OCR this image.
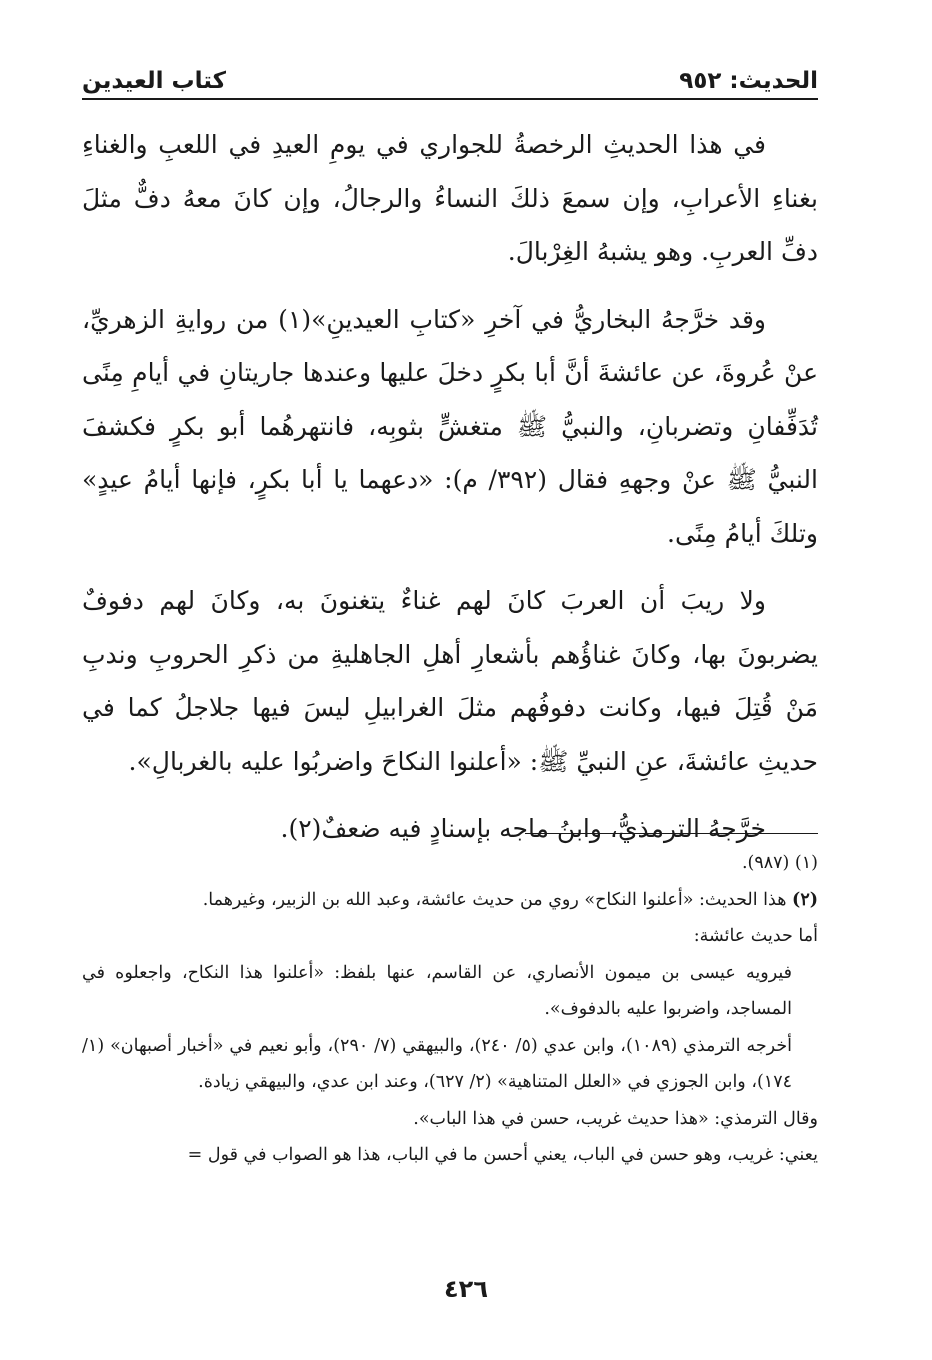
الحديث: ٩٥٢
كتاب العيدين

في هذا الحديثِ الرخصةُ للجواري في يومِ العيدِ في اللعبِ والغناءِ بغناءِ الأعرابِ، وإن سمعَ ذلكَ النساءُ والرجالُ، وإن كانَ معهُ دفٌّ مثلَ دفِّ العربِ. وهو يشبهُ الغِرْبالَ.

وقد خرَّجهُ البخاريُّ في آخرِ «كتابِ العيدينِ»(١) من روايةِ الزهريِّ، عنْ عُروةَ، عن عائشةَ أنَّ أبا بكرٍ دخلَ عليها وعندها جاريتانِ في أيامِ مِنًى تُدَفِّفانِ وتضربانِ، والنبيُّ ﷺ متغشٍّ بثوبِه، فانتهرهُما أبو بكرٍ فكشفَ النبيُّ ﷺ عنْ وجههِ فقال (٣٩٢/ م): «دعهما يا أبا بكرٍ، فإنها أيامُ عيدٍ» وتلكَ أيامُ مِنًى.

ولا ريبَ أن العربَ كانَ لهم غناءٌ يتغنونَ به، وكانَ لهم دفوفٌ يضربونَ بها، وكانَ غناؤُهم بأشعارِ أهلِ الجاهليةِ من ذكرِ الحروبِ وندبِ مَنْ قُتِلَ فيها، وكانت دفوفُهم مثلَ الغرابيلِ ليسَ فيها جلاجلُ كما في حديثِ عائشةَ، عنِ النبيِّ ﷺ: «أعلنوا النكاحَ واضربُوا عليه بالغربالِ».

خرَّجهُ الترمذيُّ، وابنُ ماجه بإسنادٍ فيه ضعفٌ(٢).

(١) (٩٨٧).

(٢) هذا الحديث: «أعلنوا النكاح» روي من حديث عائشة، وعبد الله بن الزبير، وغيرهما.

أما حديث عائشة:

فيرويه عيسى بن ميمون الأنصاري، عن القاسم، عنها بلفظ: «أعلنوا هذا النكاح، واجعلوه في المساجد، واضربوا عليه بالدفوف».

أخرجه الترمذي (١٠٨٩)، وابن عدي (٥/ ٢٤٠)، والبيهقي (٧/ ٢٩٠)، وأبو نعيم في «أخبار أصبهان» (١/ ١٧٤)، وابن الجوزي في «العلل المتناهية» (٢/ ٦٢٧)، وعند ابن عدي، والبيهقي زيادة.

وقال الترمذي: «هذا حديث غريب، حسن في هذا الباب».

يعني: غريب، وهو حسن في الباب، يعني أحسن ما في الباب، هذا هو الصواب في قول =

٤٢٦
